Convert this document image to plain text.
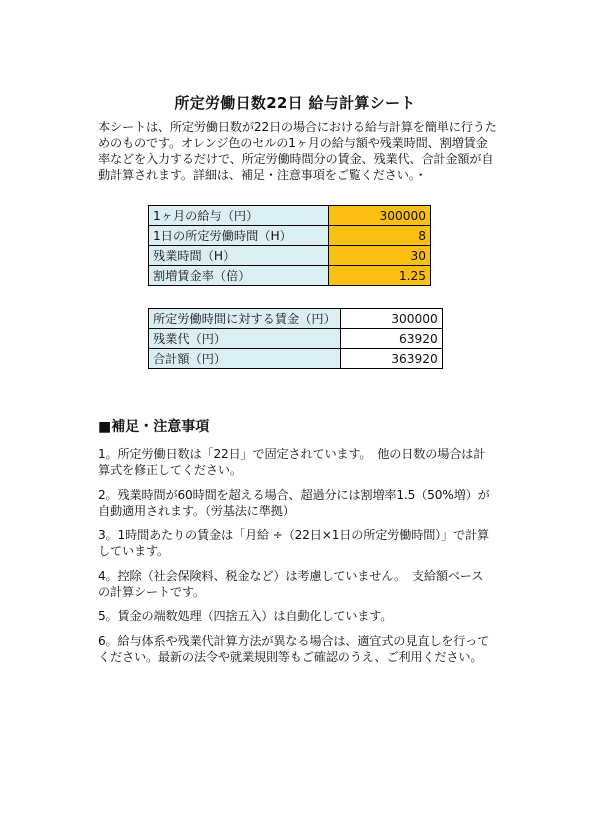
所定労働日数22日 給与計算シート
本シートは、所定労働日数が22日の場合における給与計算を簡単に行うためのものです。オレンジ色のセルの1ヶ月の給与額や残業時間、割増賃金率などを入力するだけで、所定労働時間分の賃金、残業代、合計金額が自動計算されます。詳細は、補足・注意事項をご覧ください。・
1ヶ月の給与（円）	300000
1日の所定労働時間（H）	8
残業時間（H）	30
割増賃金率（倍）	1.25
所定労働時間に対する賃金（円）	300000
残業代（円）	63920
合計額（円）	363920
■補足・注意事項
1。所定労働日数は「22日」で固定されています。　他の日数の場合は計算式を修正してください。
2。残業時間が60時間を超える場合、超過分には割増率1.5（50%増）が自動適用されます。（労基法に準拠）
3。1時間あたりの賃金は「月給 ÷（22日×1日の所定労働時間）」で計算しています。
4。控除（社会保険料、税金など）は考慮していません。　支給額ベースの計算シートです。
5。賃金の端数処理（四捨五入）は自動化しています。
6。給与体系や残業代計算方法が異なる場合は、適宜式の見直しを行ってください。最新の法令や就業規則等もご確認のうえ、ご利用ください。
